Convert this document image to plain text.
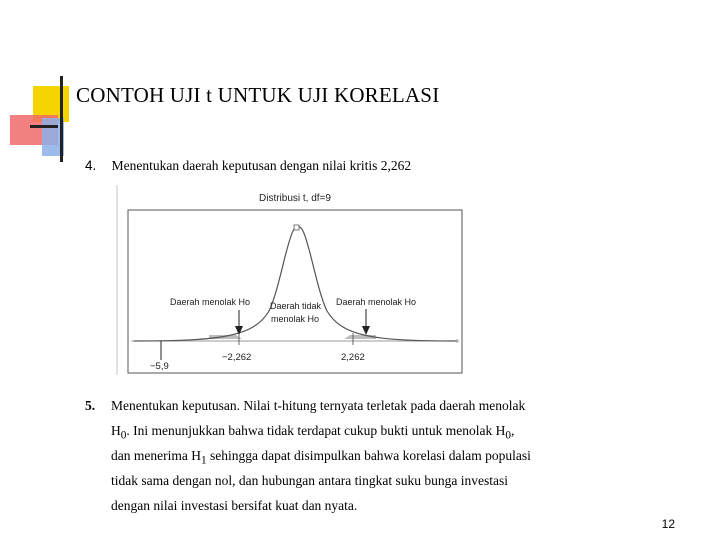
CONTOH UJI t UNTUK UJI KORELASI
4. Menentukan daerah keputusan dengan nilai kritis 2,262
Distribusi t, df=9
Daerah menolak Ho Daerah tidak
menolak Ho
Daerah menolak Ho
−2,262	2,262
−5,9
5. Menentukan keputusan. Nilai t-hitung ternyata terletak pada daerah menolak
$H_0$. Ini menunjukkan bahwa tidak terdapat cukup bukti untuk menolak $H_0$,
dan menerima $H_1$ sehingga dapat disimpulkan bahwa korelasi dalam populasi
tidak sama dengan nol, dan hubungan antara tingkat suku bunga investasi
dengan nilai investasi bersifat kuat dan nyata.
12
